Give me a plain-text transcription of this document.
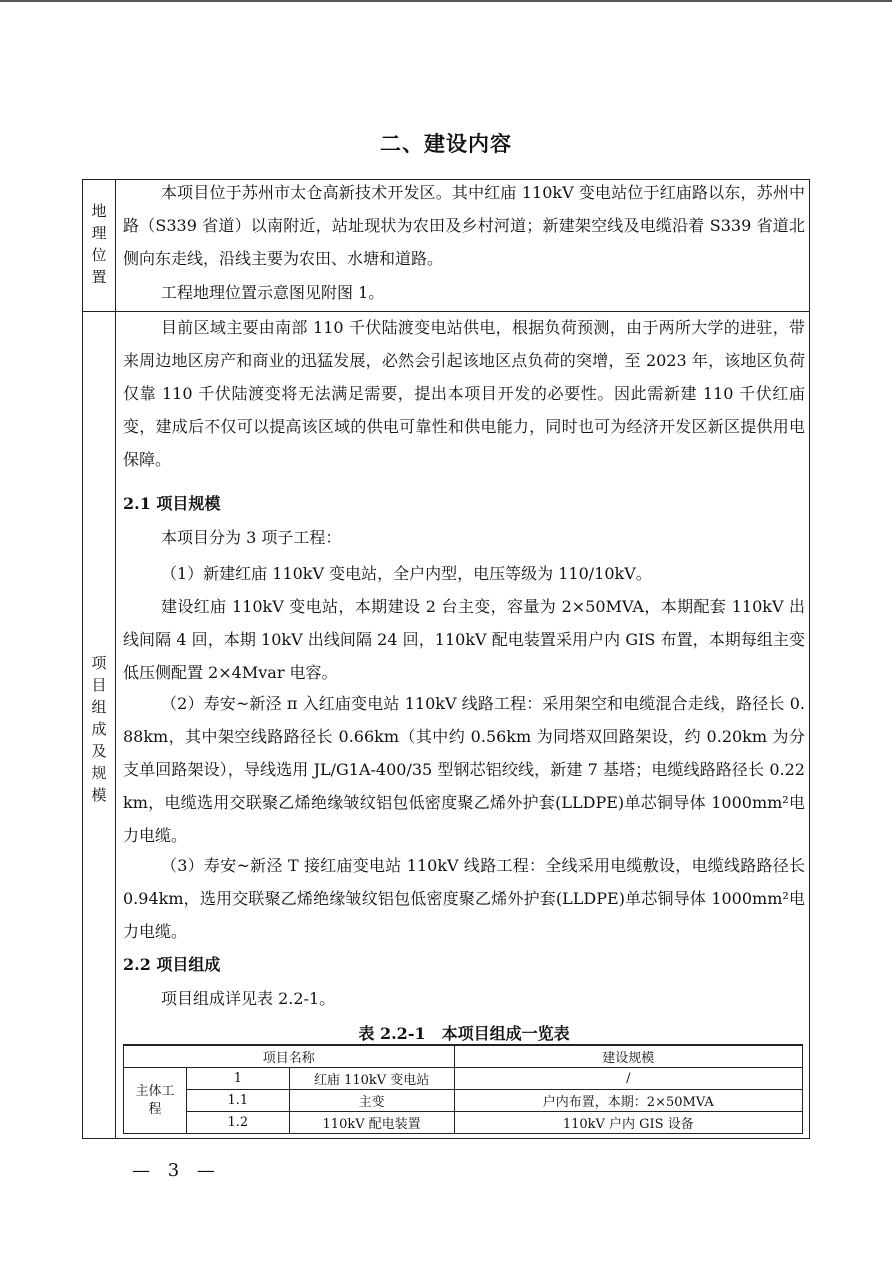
二、建设内容
地
理
位
置
本项目位于苏州市太仓高新技术开发区。其中红庙 110kV 变电站位于红庙路以东，苏州中路（S339 省道）以南附近，站址现状为农田及乡村河道；新建架空线及电缆沿着 S339 省道北侧向东走线，沿线主要为农田、水塘和道路。
工程地理位置示意图见附图 1。
项
目
组
成
及
规
模
目前区域主要由南部 110 千伏陆渡变电站供电，根据负荷预测，由于两所大学的进驻，带来周边地区房产和商业的迅猛发展，必然会引起该地区点负荷的突增，至 2023 年，该地区负荷仅靠 110 千伏陆渡变将无法满足需要，提出本项目开发的必要性。因此需新建 110 千伏红庙变，建成后不仅可以提高该区域的供电可靠性和供电能力，同时也可为经济开发区新区提供用电保障。
2.1 项目规模
本项目分为 3 项子工程：
（1）新建红庙 110kV 变电站，全户内型，电压等级为 110/10kV。
建设红庙 110kV 变电站，本期建设 2 台主变，容量为 2×50MVA，本期配套 110kV 出线间隔 4 回，本期 10kV 出线间隔 24 回，110kV 配电装置采用户内 GIS 布置，本期每组主变低压侧配置 2×4Mvar 电容。
（2）寿安~新泾 π 入红庙变电站 110kV 线路工程：采用架空和电缆混合走线，路径长 0.88km，其中架空线路路径长 0.66km（其中约 0.56km 为同塔双回路架设，约 0.20km 为分支单回路架设），导线选用 JL/G1A-400/35 型钢芯铝绞线，新建 7 基塔；电缆线路路径长 0.22km，电缆选用交联聚乙烯绝缘皱纹铝包低密度聚乙烯外护套(LLDPE)单芯铜导体 1000mm²电力电缆。
（3）寿安~新泾 T 接红庙变电站 110kV 线路工程：全线采用电缆敷设，电缆线路路径长 0.94km，选用交联聚乙烯绝缘皱纹铝包低密度聚乙烯外护套(LLDPE)单芯铜导体 1000mm²电力电缆。
2.2 项目组成
项目组成详见表 2.2-1。
表 2.2-1　本项目组成一览表
项目名称			建设规模
主体工程	1	红庙 110kV 变电站	/
	1.1	主变	户内布置，本期：2×50MVA
	1.2	110kV 配电装置	110kV 户内 GIS 设备
— 3 —
